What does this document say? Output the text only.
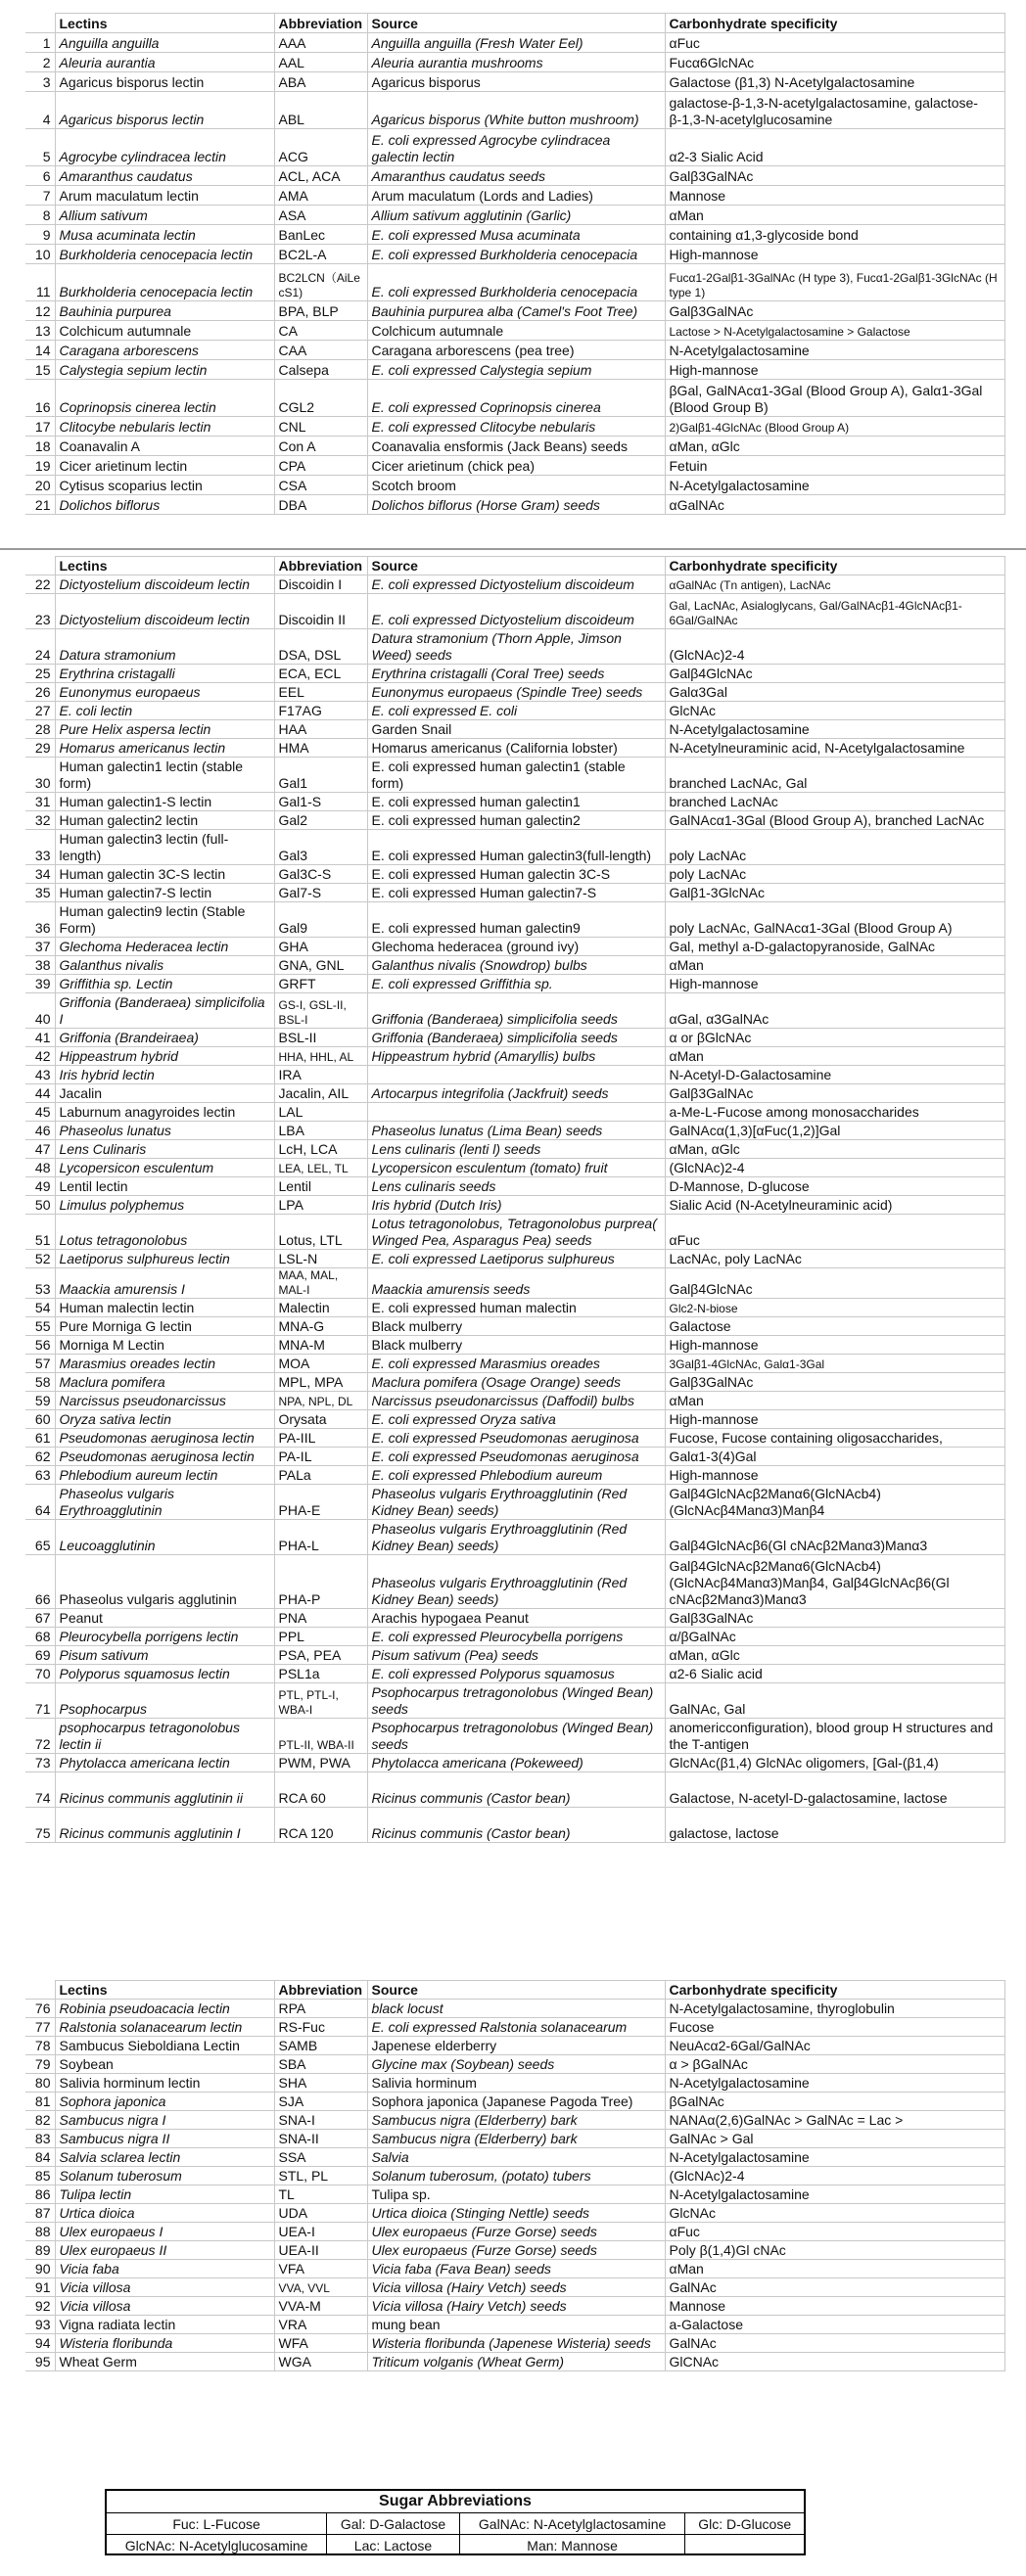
	Lectins	Abbreviation	Source	Carbonhydrate specificity
1	Anguilla anguilla	AAA	Anguilla anguilla (Fresh Water Eel)	αFuc
2	Aleuria aurantia	AAL	Aleuria aurantia mushrooms	Fucα6GlcNAc
3	Agaricus bisporus lectin	ABA	Agaricus bisporus	Galactose (β1,3) N-Acetylgalactosamine
4	Agaricus bisporus lectin	ABL	Agaricus bisporus (White button mushroom)	galactose-β-1,3-N-acetylgalactosamine, galactose-β-1,3-N-acetylglucosamine
5	Agrocybe cylindracea lectin	ACG	E. coli expressed Agrocybe cylindracea galectin lectin	α2-3 Sialic Acid
6	Amaranthus caudatus	ACL, ACA	Amaranthus caudatus seeds	Galβ3GalNAc
7	Arum maculatum lectin	AMA	Arum maculatum (Lords and Ladies)	Mannose
8	Allium sativum	ASA	Allium sativum agglutinin (Garlic)	αMan
9	Musa acuminata lectin	BanLec	E. coli expressed Musa acuminata	containing α1,3-glycoside bond
10	Burkholderia cenocepacia lectin	BC2L-A	E. coli expressed Burkholderia cenocepacia	High-mannose
11	Burkholderia cenocepacia lectin	BC2LCN（AiLe cS1)	E. coli expressed Burkholderia cenocepacia	Fucα1-2Galβ1-3GalNAc (H type 3), Fucα1-2Galβ1-3GlcNAc (H type 1)
12	Bauhinia purpurea	BPA, BLP	Bauhinia purpurea alba (Camel's Foot Tree)	Galβ3GalNAc
13	Colchicum autumnale	CA	Colchicum autumnale	Lactose > N-Acetylgalactosamine > Galactose
14	Caragana arborescens	CAA	Caragana arborescens (pea tree)	N-Acetylgalactosamine
15	Calystegia sepium lectin	Calsepa	E. coli expressed Calystegia sepium	High-mannose
16	Coprinopsis cinerea lectin	CGL2	E. coli expressed Coprinopsis cinerea	βGal, GalNAcα1-3Gal (Blood Group A), Galα1-3Gal (Blood Group B)
17	Clitocybe nebularis lectin	CNL	E. coli expressed Clitocybe nebularis	2)Galβ1-4GlcNAc (Blood Group A)
18	Coanavalin A	Con A	Coanavalia ensformis (Jack Beans) seeds	αMan, αGlc
19	Cicer arietinum lectin	CPA	Cicer arietinum (chick pea)	Fetuin
20	Cytisus scoparius lectin	CSA	Scotch broom	N-Acetylgalactosamine
21	Dolichos biflorus	DBA	Dolichos biflorus (Horse Gram) seeds	αGalNAc
	Lectins	Abbreviation	Source	Carbonhydrate specificity
22	Dictyostelium discoideum lectin	Discoidin I	E. coli expressed Dictyostelium discoideum	αGalNAc (Tn antigen), LacNAc
23	Dictyostelium discoideum lectin	Discoidin II	E. coli expressed Dictyostelium discoideum	Gal, LacNAc, Asialoglycans, Gal/GalNAcβ1-4GlcNAcβ1-6Gal/GalNAc
24	Datura stramonium	DSA, DSL	Datura stramonium (Thorn Apple, Jimson Weed) seeds	(GlcNAc)2-4
25	Erythrina cristagalli	ECA, ECL	Erythrina cristagalli (Coral Tree) seeds	Galβ4GlcNAc
26	Eunonymus europaeus	EEL	Eunonymus europaeus (Spindle Tree) seeds	Galα3Gal
27	E. coli lectin	F17AG	E. coli expressed E. coli	GlcNAc
28	Pure Helix aspersa lectin	HAA	Garden Snail	N-Acetylgalactosamine
29	Homarus americanus lectin	HMA	Homarus americanus (California lobster)	N-Acetylneuraminic acid, N-Acetylgalactosamine
30	Human galectin1 lectin (stable form)	Gal1	E. coli expressed human galectin1 (stable form)	branched LacNAc, Gal
31	Human galectin1-S lectin	Gal1-S	E. coli expressed human galectin1	branched LacNAc
32	Human galectin2 lectin	Gal2	E. coli expressed human galectin2	GalNAcα1-3Gal (Blood Group A), branched LacNAc
33	Human galectin3 lectin (full-length)	Gal3	E. coli expressed Human galectin3(full-length)	poly LacNAc
34	Human galectin 3C-S lectin	Gal3C-S	E. coli expressed Human galectin 3C-S	poly LacNAc
35	Human galectin7-S lectin	Gal7-S	E. coli expressed Human galectin7-S	Galβ1-3GlcNAc
36	Human galectin9 lectin (Stable Form)	Gal9	E. coli expressed human galectin9	poly LacNAc, GalNAcα1-3Gal (Blood Group A)
37	Glechoma Hederacea lectin	GHA	Glechoma hederacea (ground ivy)	Gal, methyl a-D-galactopyranoside, GalNAc
38	Galanthus nivalis	GNA, GNL	Galanthus nivalis (Snowdrop) bulbs	αMan
39	Griffithia sp. Lectin	GRFT	E. coli expressed Griffithia sp.	High-mannose
40	Griffonia (Banderaea) simplicifolia I	GS-I, GSL-II, BSL-I	Griffonia (Banderaea) simplicifolia seeds	αGal, α3GalNAc
41	Griffonia (Brandeiraea)	BSL-II	Griffonia (Banderaea) simplicifolia seeds	α or βGlcNAc
42	Hippeastrum hybrid	HHA, HHL, AL	Hippeastrum hybrid (Amaryllis) bulbs	αMan
43	Iris hybrid lectin	IRA		N-Acetyl-D-Galactosamine
44	Jacalin	Jacalin, AIL	Artocarpus integrifolia (Jackfruit) seeds	Galβ3GalNAc
45	Laburnum anagyroides lectin	LAL		a-Me-L-Fucose among monosaccharides
46	Phaseolus lunatus	LBA	Phaseolus lunatus (Lima Bean) seeds	GalNAcα(1,3)[αFuc(1,2)]Gal
47	Lens Culinaris	LcH, LCA	Lens culinaris (lenti l) seeds	αMan, αGlc
48	Lycopersicon esculentum	LEA, LEL, TL	Lycopersicon esculentum (tomato) fruit	(GlcNAc)2-4
49	Lentil lectin	Lentil	Lens culinaris seeds	D-Mannose, D-glucose
50	Limulus polyphemus	LPA	Iris hybrid (Dutch Iris)	Sialic Acid (N-Acetylneuraminic acid)
51	Lotus tetragonolobus	Lotus, LTL	Lotus tetragonolobus, Tetragonolobus purprea( Winged Pea, Asparagus Pea) seeds	αFuc
52	Laetiporus sulphureus lectin	LSL-N	E. coli expressed Laetiporus sulphureus	LacNAc, poly LacNAc
53	Maackia amurensis I	MAA, MAL, MAL-I	Maackia amurensis seeds	Galβ4GlcNAc
54	Human malectin lectin	Malectin	E. coli expressed human malectin	Glc2-N-biose
55	Pure Morniga G lectin	MNA-G	Black mulberry	Galactose
56	Morniga M Lectin	MNA-M	Black mulberry	High-mannose
57	Marasmius oreades lectin	MOA	E. coli expressed Marasmius oreades	3Galβ1-4GlcNAc, Galα1-3Gal
58	Maclura pomifera	MPL, MPA	Maclura pomifera (Osage Orange) seeds	Galβ3GalNAc
59	Narcissus pseudonarcissus	NPA, NPL, DL	Narcissus pseudonarcissus (Daffodil) bulbs	αMan
60	Oryza sativa lectin	Orysata	E. coli expressed Oryza sativa	High-mannose
61	Pseudomonas aeruginosa lectin	PA-IIL	E. coli expressed Pseudomonas aeruginosa	Fucose, Fucose containing oligosaccharides,
62	Pseudomonas aeruginosa lectin	PA-IL	E. coli expressed Pseudomonas aeruginosa	Galα1-3(4)Gal
63	Phlebodium aureum lectin	PALa	E. coli expressed Phlebodium aureum	High-mannose
64	Phaseolus vulgaris Erythroagglutinin	PHA-E	Phaseolus vulgaris Erythroagglutinin (Red Kidney Bean) seeds)	Galβ4GlcNAcβ2Manα6(GlcNAcb4)(GlcNAcβ4Manα3)Manβ4
65	Leucoagglutinin	PHA-L	Phaseolus vulgaris Erythroagglutinin (Red Kidney Bean) seeds)	Galβ4GlcNAcβ6(Gl cNAcβ2Manα3)Manα3
66	Phaseolus vulgaris agglutinin	PHA-P	Phaseolus vulgaris Erythroagglutinin (Red Kidney Bean) seeds)	Galβ4GlcNAcβ2Manα6(GlcNAcb4)(GlcNAcβ4Manα3)Manβ4, Galβ4GlcNAcβ6(Gl cNAcβ2Manα3)Manα3
67	Peanut	PNA	Arachis hypogaea Peanut	Galβ3GalNAc
68	Pleurocybella porrigens lectin	PPL	E. coli expressed Pleurocybella porrigens	α/βGalNAc
69	Pisum sativum	PSA, PEA	Pisum sativum (Pea) seeds	αMan, αGlc
70	Polyporus squamosus lectin	PSL1a	E. coli expressed Polyporus squamosus	α2-6 Sialic acid
71	Psophocarpus	PTL, PTL-I, WBA-I	Psophocarpus tretragonolobus (Winged Bean) seeds	GalNAc, Gal
72	psophocarpus tetragonolobus lectin ii	PTL-II, WBA-II	Psophocarpus tretragonolobus (Winged Bean) seeds	anomericconfiguration), blood group H structures and the T-antigen
73	Phytolacca americana lectin	PWM, PWA	Phytolacca americana (Pokeweed)	GlcNAc(β1,4) GlcNAc oligomers, [Gal-(β1,4)
74	Ricinus communis agglutinin ii	RCA 60	Ricinus communis (Castor bean)	Galactose, N-acetyl-D-galactosamine, lactose
75	Ricinus communis agglutinin I	RCA 120	Ricinus communis (Castor bean)	galactose, lactose
	Lectins	Abbreviation	Source	Carbonhydrate specificity
76	Robinia pseudoacacia lectin	RPA	black locust	N-Acetylgalactosamine, thyroglobulin
77	Ralstonia solanacearum lectin	RS-Fuc	E. coli expressed Ralstonia solanacearum	Fucose
78	Sambucus Sieboldiana Lectin	SAMB	Japenese elderberry	NeuAcα2-6Gal/GalNAc
79	Soybean	SBA	Glycine max (Soybean) seeds	α > βGalNAc
80	Salivia horminum lectin	SHA	Salivia horminum	N-Acetylgalactosamine
81	Sophora japonica	SJA	Sophora japonica (Japanese Pagoda Tree)	βGalNAc
82	Sambucus nigra I	SNA-I	Sambucus nigra (Elderberry) bark	NANAα(2,6)GalNAc > GalNAc = Lac >
83	Sambucus nigra II	SNA-II	Sambucus nigra (Elderberry) bark	GalNAc > Gal
84	Salvia sclarea lectin	SSA	Salvia	N-Acetylgalactosamine
85	Solanum tuberosum	STL, PL	Solanum tuberosum, (potato) tubers	(GlcNAc)2-4
86	Tulipa lectin	TL	Tulipa sp.	N-Acetylgalactosamine
87	Urtica dioica	UDA	Urtica dioica (Stinging Nettle) seeds	GlcNAc
88	Ulex europaeus I	UEA-I	Ulex europaeus (Furze Gorse) seeds	αFuc
89	Ulex europaeus II	UEA-II	Ulex europaeus (Furze Gorse) seeds	Poly β(1,4)Gl cNAc
90	Vicia faba	VFA	Vicia faba (Fava Bean) seeds	αMan
91	Vicia villosa	VVA, VVL	Vicia villosa (Hairy Vetch) seeds	GalNAc
92	Vicia villosa	VVA-M	Vicia villosa (Hairy Vetch) seeds	Mannose
93	Vigna radiata lectin	VRA	mung bean	a-Galactose
94	Wisteria floribunda	WFA	Wisteria floribunda (Japenese Wisteria) seeds	GalNAc
95	Wheat Germ	WGA	Triticum volganis (Wheat Germ)	GlCNAc
Sugar Abbreviations
Fuc: L-Fucose	Gal: D-Galactose	GalNAc: N-Acetylglactosamine	Glc: D-Glucose
GlcNAc: N-Acetylglucosamine	Lac: Lactose	Man: Mannose	
